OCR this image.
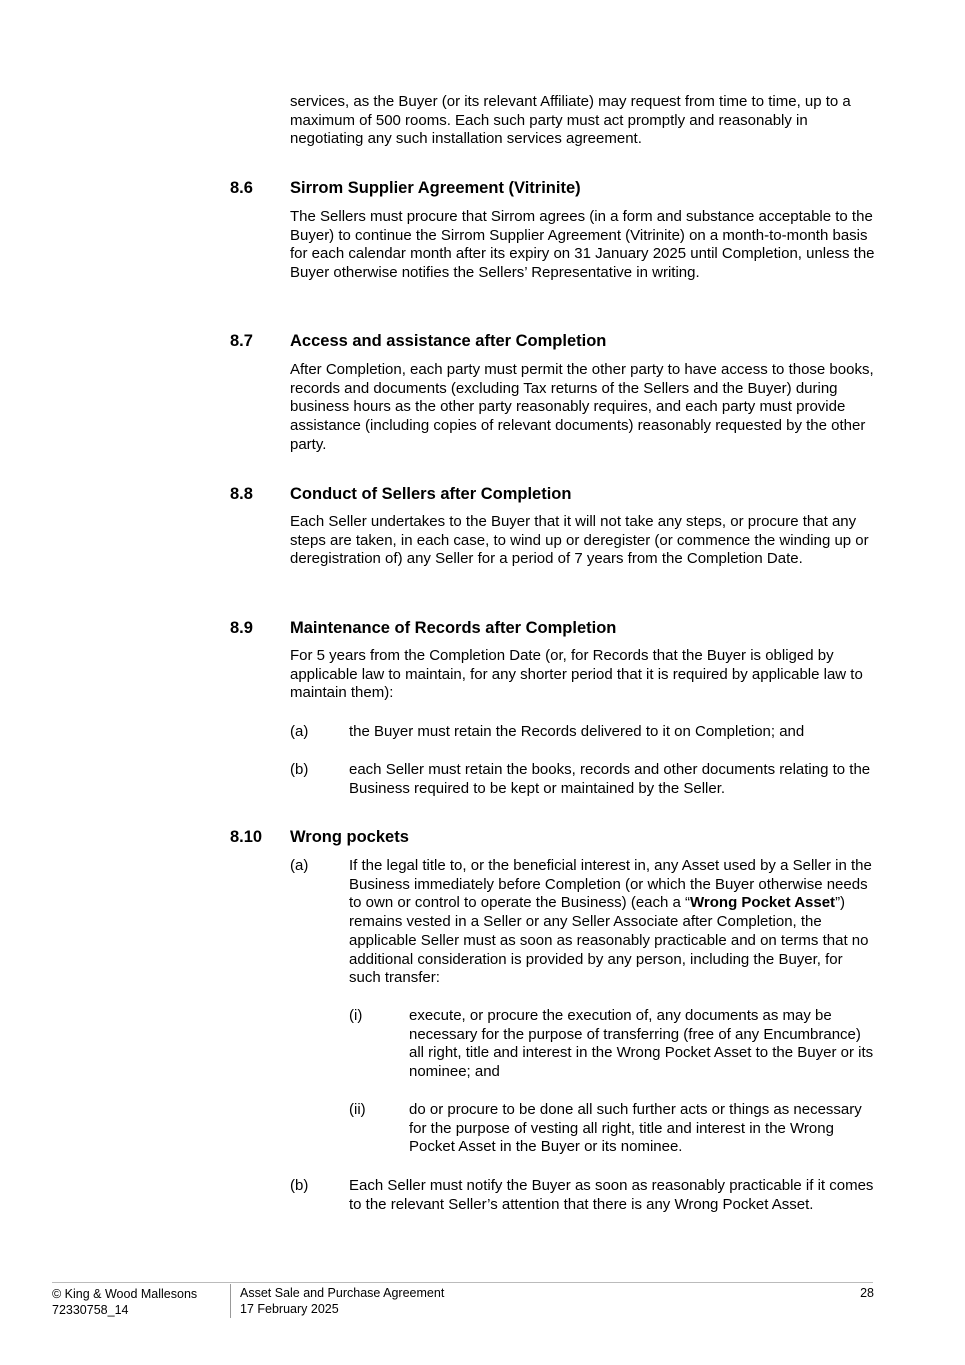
services, as the Buyer (or its relevant Affiliate) may request from time to time, up to a maximum of 500 rooms. Each such party must act promptly and reasonably in negotiating any such installation services agreement.

8.6 Sirrom Supplier Agreement (Vitrinite)

The Sellers must procure that Sirrom agrees (in a form and substance acceptable to the Buyer) to continue the Sirrom Supplier Agreement (Vitrinite) on a month-to-month basis for each calendar month after its expiry on 31 January 2025 until Completion, unless the Buyer otherwise notifies the Sellers’ Representative in writing.

8.7 Access and assistance after Completion

After Completion, each party must permit the other party to have access to those books, records and documents (excluding Tax returns of the Sellers and the Buyer) during business hours as the other party reasonably requires, and each party must provide assistance (including copies of relevant documents) reasonably requested by the other party.

8.8 Conduct of Sellers after Completion

Each Seller undertakes to the Buyer that it will not take any steps, or procure that any steps are taken, in each case, to wind up or deregister (or commence the winding up or deregistration of) any Seller for a period of 7 years from the Completion Date.

8.9 Maintenance of Records after Completion

For 5 years from the Completion Date (or, for Records that the Buyer is obliged by applicable law to maintain, for any shorter period that it is required by applicable law to maintain them):

(a)	the Buyer must retain the Records delivered to it on Completion; and
(b)	each Seller must retain the books, records and other documents relating to the Business required to be kept or maintained by the Seller.
8.10 Wrong pockets
(a)	If the legal title to, or the beneficial interest in, any Asset used by a Seller in the Business immediately before Completion (or which the Buyer otherwise needs to own or control to operate the Business) (each a “Wrong Pocket Asset”) remains vested in a Seller or any Seller Associate after Completion, the applicable Seller must as soon as reasonably practicable and on terms that no additional consideration is provided by any person, including the Buyer, for such transfer:
(i)	execute, or procure the execution of, any documents as may be necessary for the purpose of transferring (free of any Encumbrance) all right, title and interest in the Wrong Pocket Asset to the Buyer or its nominee; and
(ii)	do or procure to be done all such further acts or things as necessary for the purpose of vesting all right, title and interest in the Wrong Pocket Asset in the Buyer or its nominee.
(b)	Each Seller must notify the Buyer as soon as reasonably practicable if it comes to the relevant Seller’s attention that there is any Wrong Pocket Asset.
© King & Wood Mallesons
72330758_14
Asset Sale and Purchase Agreement
17 February 2025
28
